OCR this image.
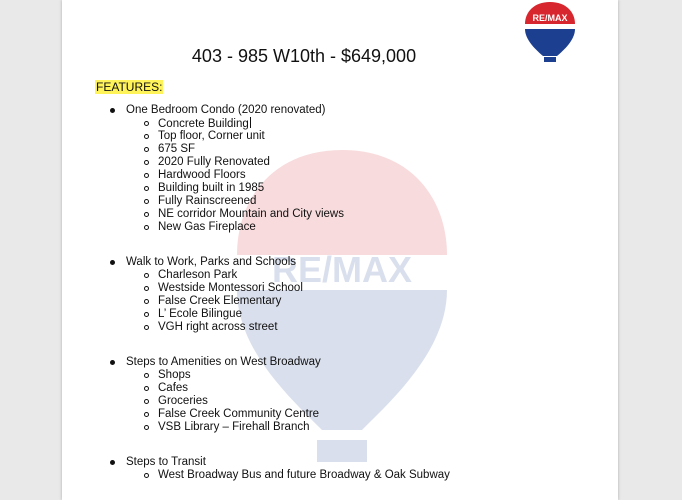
RE/MAX
RE/MAX
403 - 985 W10th - $649,000
FEATURES:
One Bedroom Condo (2020 renovated)
Concrete Building
Top floor, Corner unit
675 SF
2020 Fully Renovated
Hardwood Floors
Building built in 1985
Fully Rainscreened
NE corridor Mountain and City views
New Gas Fireplace
Walk to Work, Parks and Schools
Charleson Park
Westside Montessori School
False Creek Elementary
L’ Ecole Bilingue
VGH right across street
Steps to Amenities on West Broadway
Shops
Cafes
Groceries
False Creek Community Centre
VSB Library – Firehall Branch
Steps to Transit
West Broadway Bus and future Broadway & Oak Subway
